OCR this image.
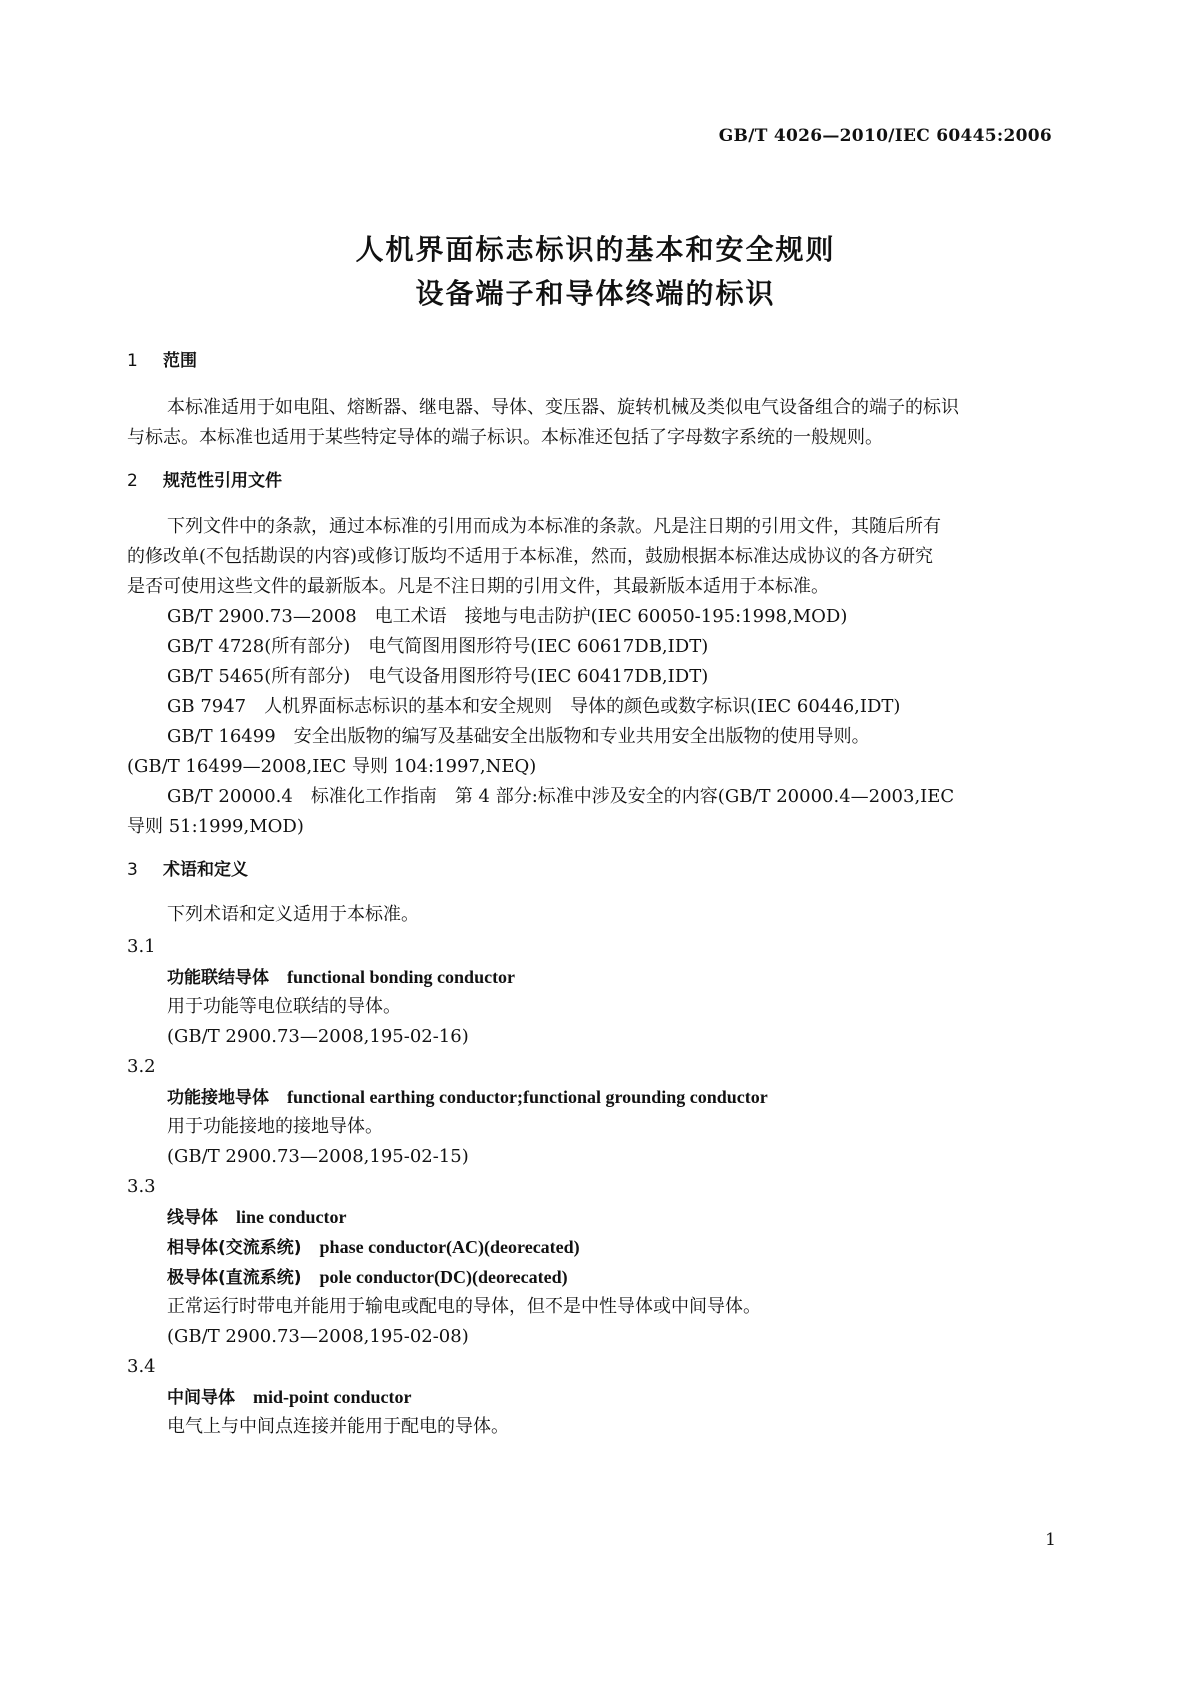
GB/T 4026—2010/IEC 60445:2006
人机界面标志标识的基本和安全规则
设备端子和导体终端的标识
1 范围
本标准适用于如电阻、熔断器、继电器、导体、变压器、旋转机械及类似电气设备组合的端子的标识
与标志。本标准也适用于某些特定导体的端子标识。本标准还包括了字母数字系统的一般规则。
2 规范性引用文件
下列文件中的条款，通过本标准的引用而成为本标准的条款。凡是注日期的引用文件，其随后所有
的修改单(不包括勘误的内容)或修订版均不适用于本标准，然而，鼓励根据本标准达成协议的各方研究
是否可使用这些文件的最新版本。凡是不注日期的引用文件，其最新版本适用于本标准。
GB/T 2900.73—2008　电工术语　接地与电击防护(IEC 60050-195:1998,MOD)
GB/T 4728(所有部分)　电气简图用图形符号(IEC 60617DB,IDT)
GB/T 5465(所有部分)　电气设备用图形符号(IEC 60417DB,IDT)
GB 7947　人机界面标志标识的基本和安全规则　导体的颜色或数字标识(IEC 60446,IDT)
GB/T 16499　安全出版物的编写及基础安全出版物和专业共用安全出版物的使用导则。
(GB/T 16499—2008,IEC 导则 104:1997,NEQ)
GB/T 20000.4　标准化工作指南　第 4 部分:标准中涉及安全的内容(GB/T 20000.4—2003,IEC
导则 51:1999,MOD)
3 术语和定义
下列术语和定义适用于本标准。
3.1
功能联结导体 functional bonding conductor
用于功能等电位联结的导体。
(GB/T 2900.73—2008,195-02-16)
3.2
功能接地导体 functional earthing conductor;functional grounding conductor
用于功能接地的接地导体。
(GB/T 2900.73—2008,195-02-15)
3.3
线导体 line conductor
相导体(交流系统) phase conductor(AC)(deorecated)
极导体(直流系统) pole conductor(DC)(deorecated)
正常运行时带电并能用于输电或配电的导体，但不是中性导体或中间导体。
(GB/T 2900.73—2008,195-02-08)
3.4
中间导体 mid-point conductor
电气上与中间点连接并能用于配电的导体。
1
